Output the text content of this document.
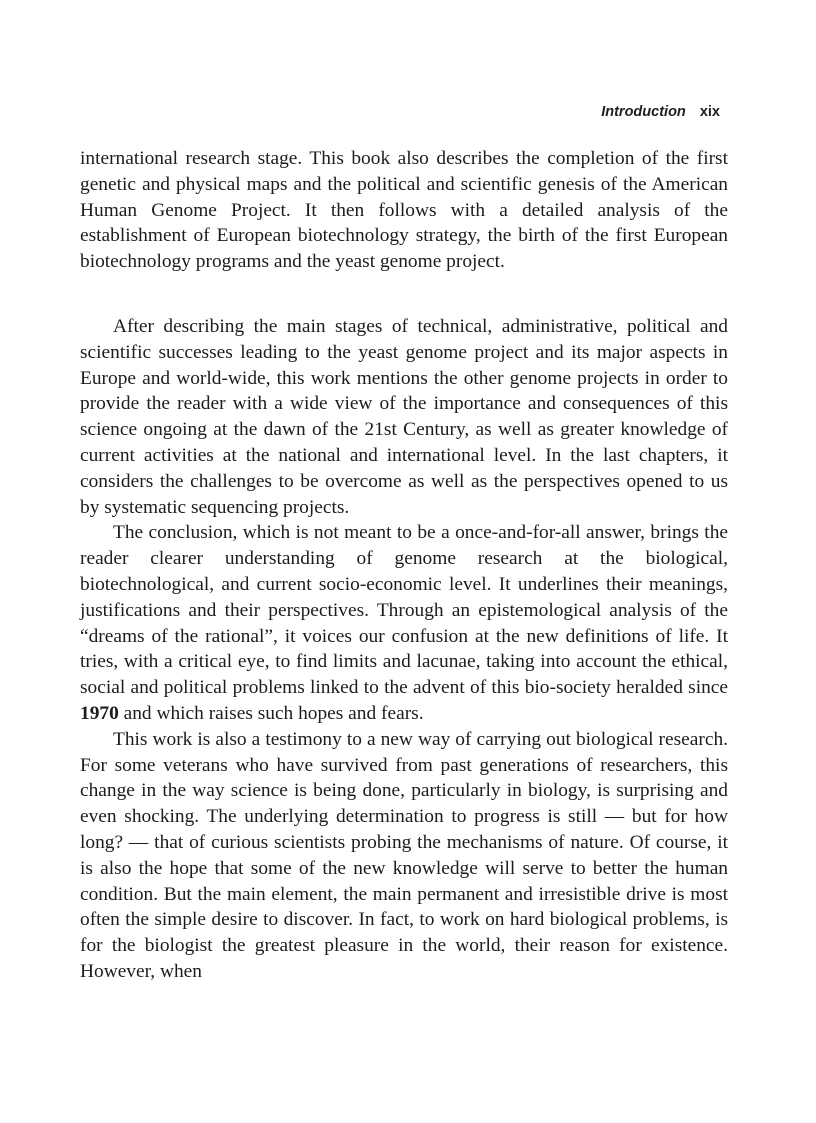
Introduction xix

international research stage. This book also describes the completion of the first genetic and physical maps and the political and scientific genesis of the American Human Genome Project. It then follows with a detailed analysis of the establishment of European biotechnology strategy, the birth of the first European biotechnology programs and the yeast genome project.

After describing the main stages of technical, administrative, political and scientific successes leading to the yeast genome project and its major aspects in Europe and world-wide, this work mentions the other genome projects in order to provide the reader with a wide view of the importance and consequences of this science ongoing at the dawn of the 21st Century, as well as greater knowledge of current activities at the national and international level. In the last chapters, it considers the challenges to be overcome as well as the perspectives opened to us by systematic sequencing projects.

The conclusion, which is not meant to be a once-and-for-all answer, brings the reader clearer understanding of genome research at the biological, biotechnological, and current socio-economic level. It underlines their meanings, justifications and their perspectives. Through an epistemological analysis of the “dreams of the rational”, it voices our confusion at the new definitions of life. It tries, with a critical eye, to find limits and lacunae, taking into account the ethical, social and political problems linked to the advent of this bio-society heralded since 1970 and which raises such hopes and fears.

This work is also a testimony to a new way of carrying out biological research. For some veterans who have survived from past generations of researchers, this change in the way science is being done, particularly in biology, is surprising and even shocking. The underlying determination to progress is still — but for how long? — that of curious scientists probing the mechanisms of nature. Of course, it is also the hope that some of the new knowledge will serve to better the human condition. But the main element, the main permanent and irresistible drive is most often the simple desire to discover. In fact, to work on hard biological problems, is for the biologist the greatest pleasure in the world, their reason for existence. However, when
